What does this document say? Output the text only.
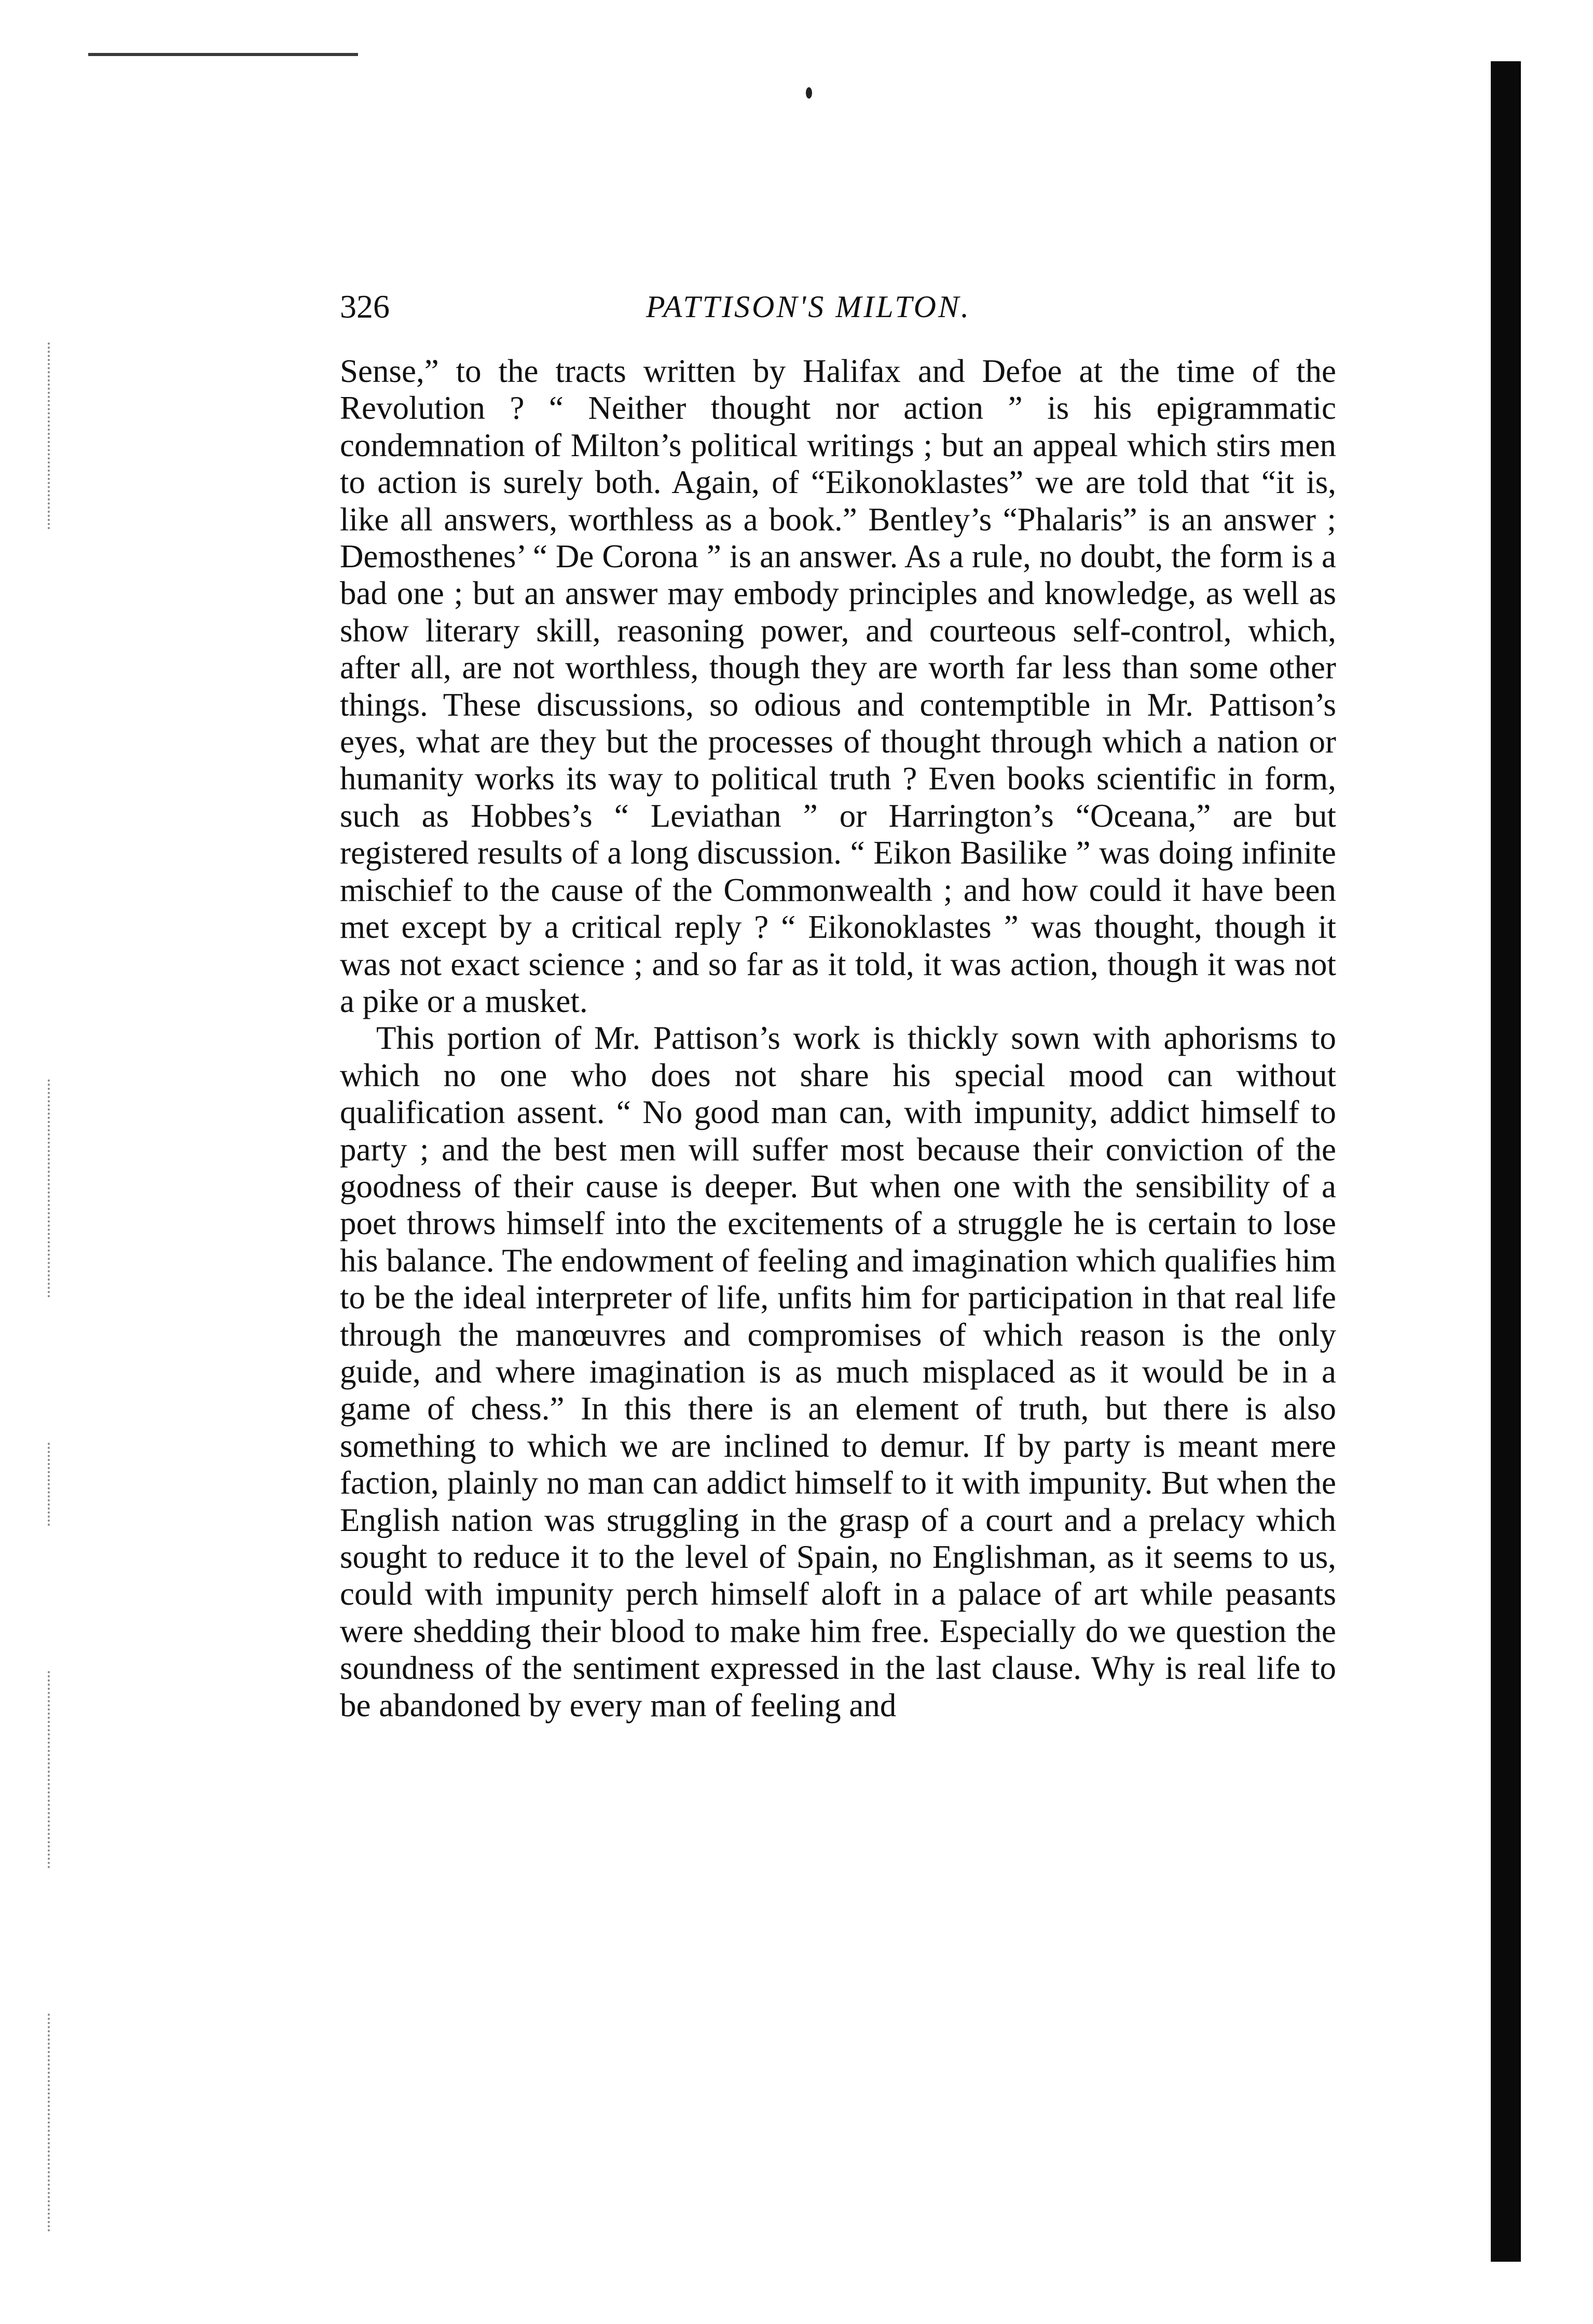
326	PATTISON'S MILTON.

Sense,” to the tracts written by Halifax and Defoe at the time of the Revolution ? “ Neither thought nor action ” is his epigrammatic condemnation of Milton’s political writings ; but an appeal which stirs men to action is surely both. Again, of “Eikonoklastes” we are told that “it is, like all answers, worthless as a book.” Bentley’s “Phalaris” is an answer ; Demosthenes’ “ De Corona ” is an answer. As a rule, no doubt, the form is a bad one ; but an answer may embody principles and knowledge, as well as show literary skill, reasoning power, and courteous self-control, which, after all, are not worthless, though they are worth far less than some other things. These discussions, so odious and contemptible in Mr. Pattison’s eyes, what are they but the processes of thought through which a nation or humanity works its way to political truth ? Even books scientific in form, such as Hobbes’s “ Leviathan ” or Harrington’s “Oceana,” are but registered results of a long discussion. “ Eikon Basilike ” was doing infinite mischief to the cause of the Commonwealth ; and how could it have been met except by a critical reply ? “ Eikonoklastes ” was thought, though it was not exact science ; and so far as it told, it was action, though it was not a pike or a musket.

This portion of Mr. Pattison’s work is thickly sown with aphorisms to which no one who does not share his special mood can without qualification assent. “ No good man can, with impunity, addict himself to party ; and the best men will suffer most because their conviction of the goodness of their cause is deeper. But when one with the sensibility of a poet throws himself into the excitements of a struggle he is certain to lose his balance. The endowment of feeling and imagination which qualifies him to be the ideal interpreter of life, unfits him for participation in that real life through the manœuvres and compromises of which reason is the only guide, and where imagination is as much misplaced as it would be in a game of chess.” In this there is an element of truth, but there is also something to which we are inclined to demur. If by party is meant mere faction, plainly no man can addict himself to it with impunity. But when the English nation was struggling in the grasp of a court and a prelacy which sought to reduce it to the level of Spain, no Englishman, as it seems to us, could with impunity perch himself aloft in a palace of art while peasants were shedding their blood to make him free. Especially do we question the soundness of the sentiment expressed in the last clause. Why is real life to be abandoned by every man of feeling and
